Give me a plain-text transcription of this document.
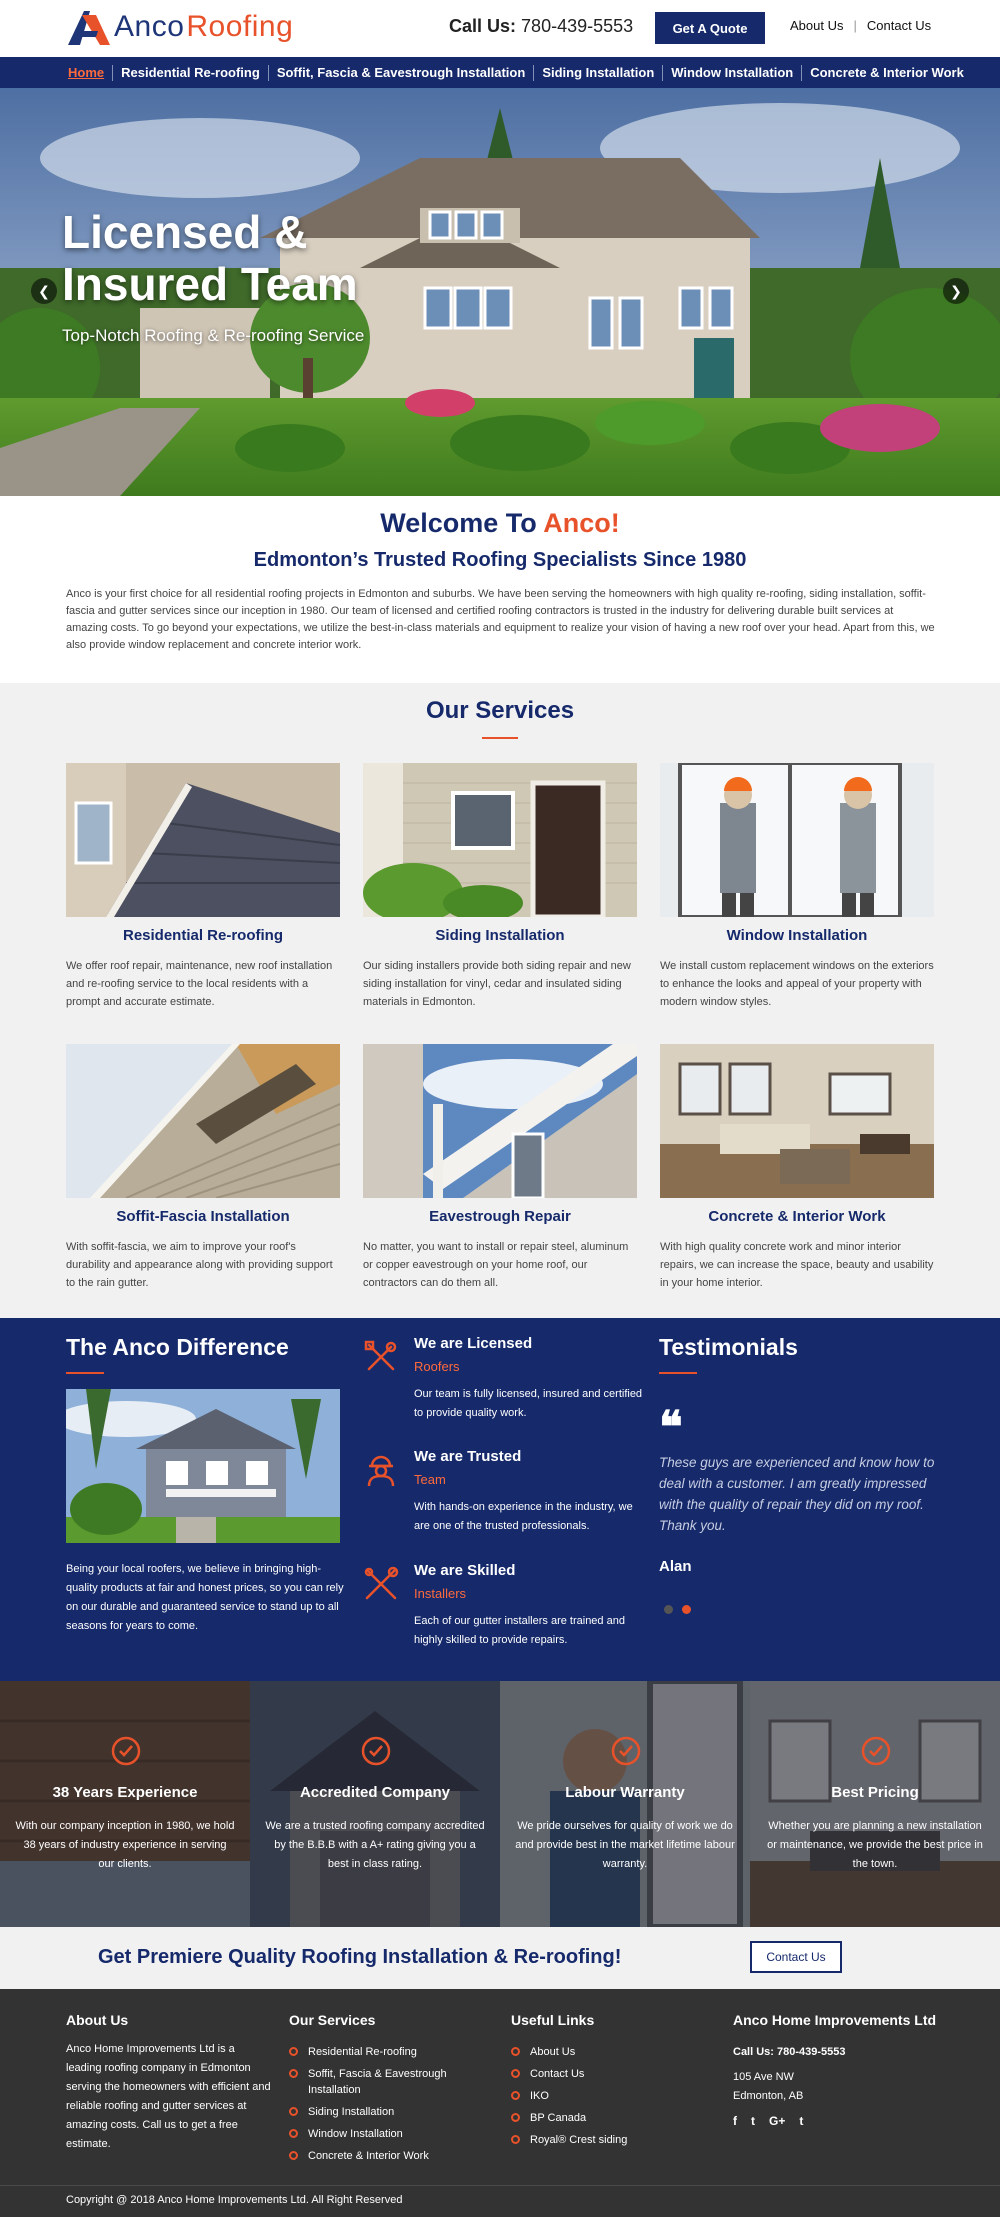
Anco Roofing	Call Us: 780-439-5553	Get A Quote	About Us | Contact Us
Home	Residential Re-roofing	Soffit, Fascia & Eavestrough Installation	Siding Installation	Window Installation	Concrete & Interior Work
Licensed &
Insured Team
Top-Notch Roofing & Re-roofing Service
❮	❯
Welcome To Anco!
Edmonton’s Trusted Roofing Specialists Since 1980
Anco is your first choice for all residential roofing projects in Edmonton and suburbs. We have been serving the homeowners with high quality re-roofing, siding installation, soffit- fascia and gutter services since our inception in 1980. Our team of licensed and certified roofing contractors is trusted in the industry for delivering durable built services at amazing costs. To go beyond your expectations, we utilize the best-in-class materials and equipment to realize your vision of having a new roof over your head. Apart from this, we also provide window replacement and concrete interior work.
Our Services
Residential Re-roofing
We offer roof repair, maintenance, new roof installation and re-roofing service to the local residents with a prompt and accurate estimate.
Siding Installation
Our siding installers provide both siding repair and new siding installation for vinyl, cedar and insulated siding materials in Edmonton.
Window Installation
We install custom replacement windows on the exteriors to enhance the looks and appeal of your property with modern window styles.
Soffit-Fascia Installation
With soffit-fascia, we aim to improve your roof's durability and appearance along with providing support to the rain gutter.
Eavestrough Repair
No matter, you want to install or repair steel, aluminum or copper eavestrough on your home roof, our contractors can do them all.
Concrete & Interior Work
With high quality concrete work and minor interior repairs, we can increase the space, beauty and usability in your home interior.
The Anco Difference
Being your local roofers, we believe in bringing high-quality products at fair and honest prices, so you can rely on our durable and guaranteed service to stand up to all seasons for years to come.
We are Licensed
Roofers
Our team is fully licensed, insured and certified to provide quality work.
We are Trusted
Team
With hands-on experience in the industry, we are one of the trusted professionals.
We are Skilled
Installers
Each of our gutter installers are trained and highly skilled to provide repairs.
Testimonials
❝
These guys are experienced and know how to deal with a customer. I am greatly impressed with the quality of repair they did on my roof. Thank you.
Alan
38 Years Experience
With our company inception in 1980, we hold 38 years of industry experience in serving our clients.
Accredited Company
We are a trusted roofing company accredited by the B.B.B with a A+ rating giving you a best in class rating.
Labour Warranty
We pride ourselves for quality of work we do and provide best in the market lifetime labour warranty.
Best Pricing
Whether you are planning a new installation or maintenance, we provide the best price in the town.
Get Premiere Quality Roofing Installation & Re-roofing!	Contact Us
About Us
Anco Home Improvements Ltd is a leading roofing company in Edmonton serving the homeowners with efficient and reliable roofing and gutter services at amazing costs. Call us to get a free estimate.
Our Services
Residential Re-roofing
Soffit, Fascia & Eavestrough Installation
Siding Installation
Window Installation
Concrete & Interior Work
Useful Links
About Us
Contact Us
IKO
BP Canada
Royal® Crest siding
Anco Home Improvements Ltd
Call Us: 780-439-5553
105 Ave NW
Edmonton, AB
f t G+ t
Copyright @ 2018 Anco Home Improvements Ltd. All Right Reserved
